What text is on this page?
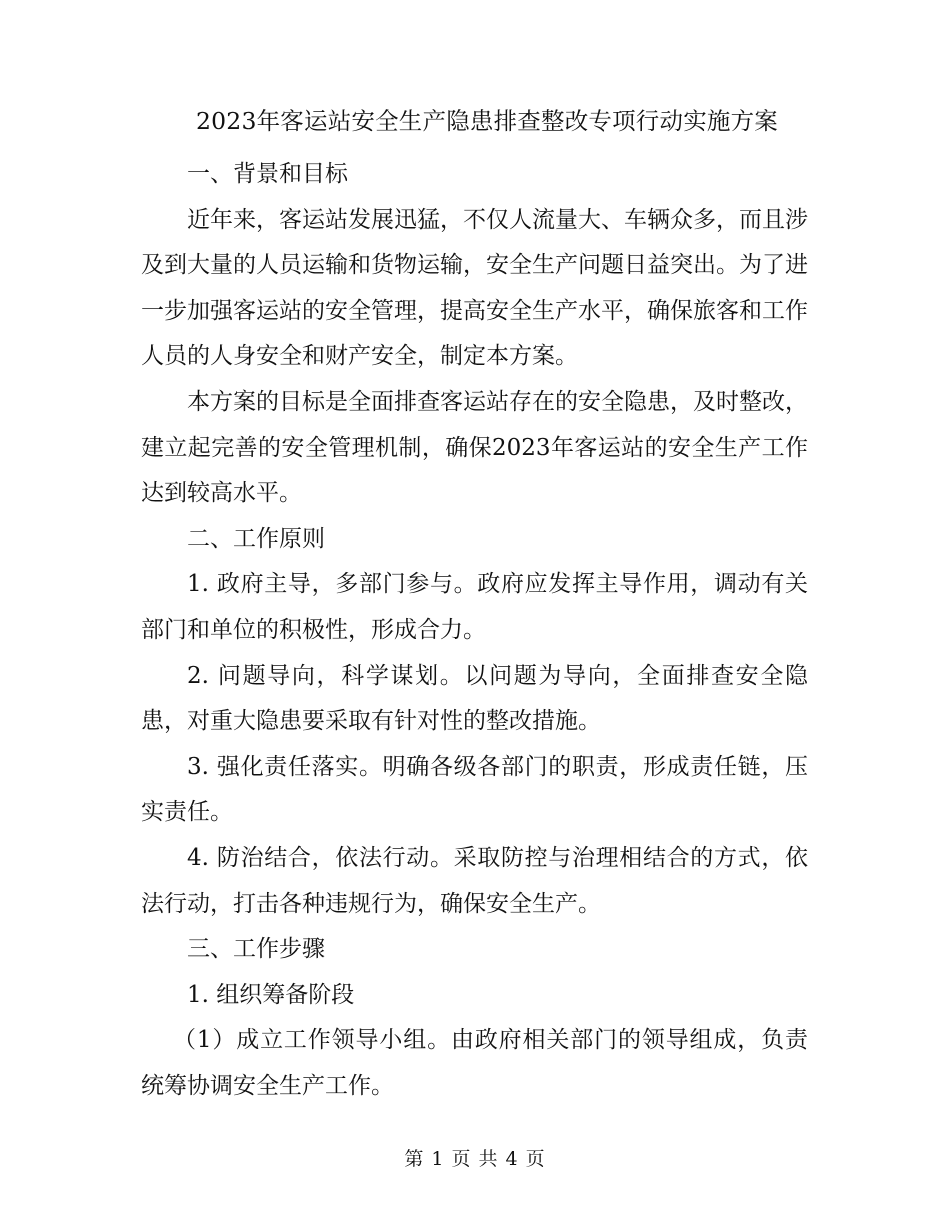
2023年客运站安全生产隐患排查整改专项行动实施方案

一、背景和目标

近年来，客运站发展迅猛，不仅人流量大、车辆众多，而且涉及到大量的人员运输和货物运输，安全生产问题日益突出。为了进一步加强客运站的安全管理，提高安全生产水平，确保旅客和工作人员的人身安全和财产安全，制定本方案。

本方案的目标是全面排查客运站存在的安全隐患，及时整改，建立起完善的安全管理机制，确保2023年客运站的安全生产工作达到较高水平。

二、工作原则

1. 政府主导，多部门参与。政府应发挥主导作用，调动有关部门和单位的积极性，形成合力。

2. 问题导向，科学谋划。以问题为导向，全面排查安全隐患，对重大隐患要采取有针对性的整改措施。

3. 强化责任落实。明确各级各部门的职责，形成责任链，压实责任。

4. 防治结合，依法行动。采取防控与治理相结合的方式，依法行动，打击各种违规行为，确保安全生产。

三、工作步骤

1. 组织筹备阶段

（1）成立工作领导小组。由政府相关部门的领导组成，负责统筹协调安全生产工作。

第 1 页 共 4 页
